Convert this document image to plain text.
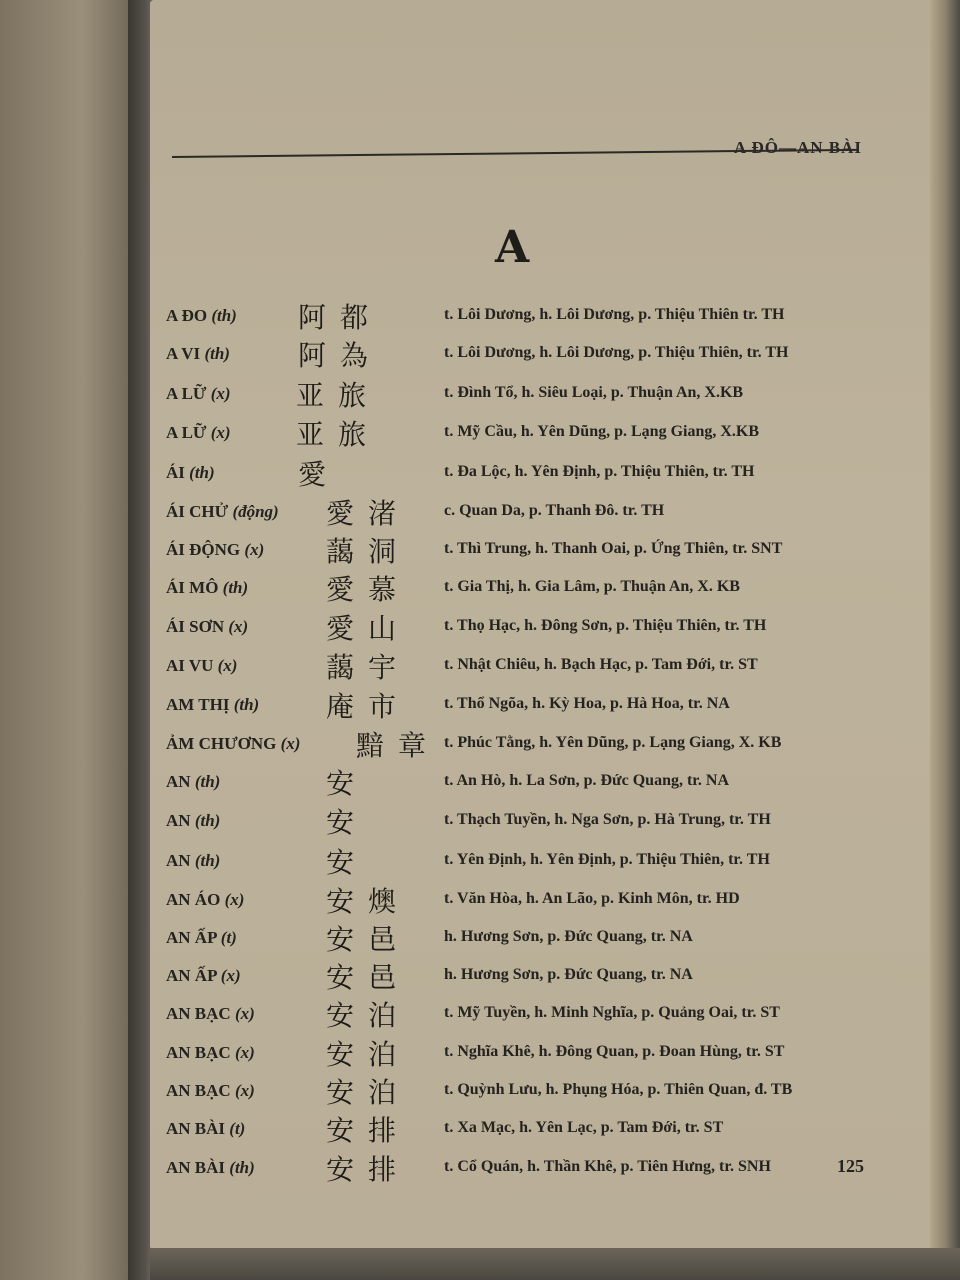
A ĐÔ—AN BÀI
A
A ĐO (th) 阿都	t. Lôi Dương, h. Lôi Dương, p. Thiệu Thiên tr. TH
A VI (th) 阿為	t. Lôi Dương, h. Lôi Dương, p. Thiệu Thiên, tr. TH
A LỮ (x) 亚旅	t. Đình Tổ, h. Siêu Loại, p. Thuận An, X.KB
A LỮ (x) 亚旅	t. Mỹ Cầu, h. Yên Dũng, p. Lạng Giang, X.KB
ÁI (th)	愛	t. Đa Lộc, h. Yên Định, p. Thiệu Thiên, tr. TH
ÁI CHỬ (động) 愛渚 c. Quan Da, p. Thanh Đô. tr. TH
ÁI ĐỘNG (x) 藹洞 t. Thì Trung, h. Thanh Oai, p. Ứng Thiên, tr. SNT
ÁI MÔ (th)	愛慕 t. Gia Thị, h. Gia Lâm, p. Thuận An, X. KB
ÁI SƠN (x)	愛山 t. Thọ Hạc, h. Đông Sơn, p. Thiệu Thiên, tr. TH
AI VU (x)	藹宇 t. Nhật Chiêu, h. Bạch Hạc, p. Tam Đới, tr. ST
AM THỊ (th) 庵市 t. Thổ Ngõa, h. Kỳ Hoa, p. Hà Hoa, tr. NA
ẢM CHƯƠNG (x) 黯章 t. Phúc Tằng, h. Yên Dũng, p. Lạng Giang, X. KB
AN (th)	安	t. An Hò, h. La Sơn, p. Đức Quang, tr. NA
AN (th)	安	t. Thạch Tuyền, h. Nga Sơn, p. Hà Trung, tr. TH
AN (th)	安	t. Yên Định, h. Yên Định, p. Thiệu Thiên, tr. TH
AN ÁO (x)	安燠 t. Văn Hòa, h. An Lão, p. Kinh Môn, tr. HD
AN ẤP (t)	安邑 h. Hương Sơn, p. Đức Quang, tr. NA
AN ẤP (x)	安邑 h. Hương Sơn, p. Đức Quang, tr. NA
AN BẠC (x)	安泊 t. Mỹ Tuyền, h. Minh Nghĩa, p. Quảng Oai, tr. ST
AN BẠC (x)	安泊 t. Nghĩa Khê, h. Đông Quan, p. Đoan Hùng, tr. ST
AN BẠC (x)	安泊 t. Quỳnh Lưu, h. Phụng Hóa, p. Thiên Quan, đ. TB
AN BÀI (t)	安排 t. Xa Mạc, h. Yên Lạc, p. Tam Đới, tr. ST
AN BÀI (th)	安排 t. Cổ Quán, h. Thần Khê, p. Tiên Hưng, tr. SNH	125
